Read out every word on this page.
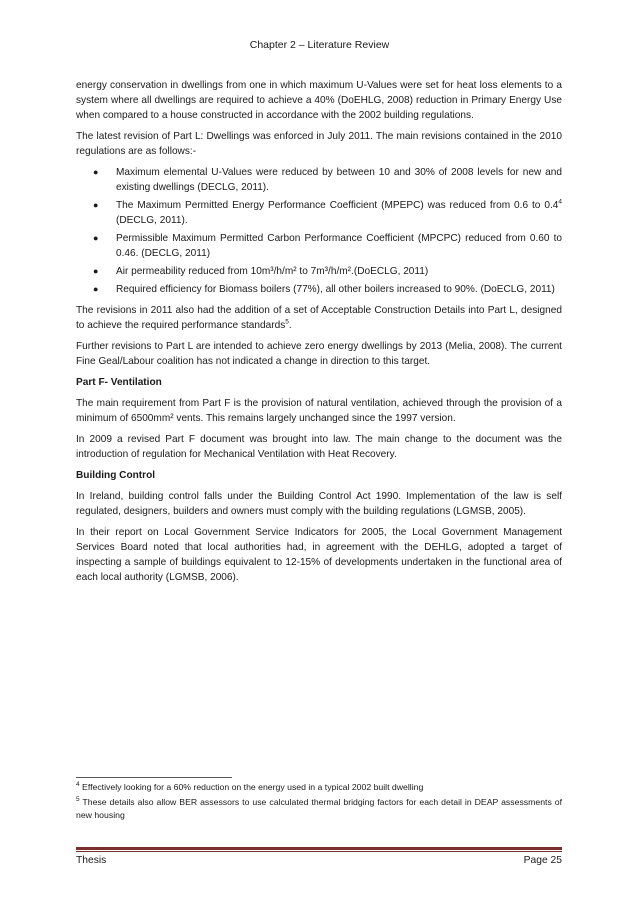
Chapter 2 – Literature Review

energy conservation in dwellings from one in which maximum U-Values were set for heat loss elements to a system where all dwellings are required to achieve a 40% (DoEHLG, 2008) reduction in Primary Energy Use when compared to a house constructed in accordance with the 2002 building regulations.

The latest revision of Part L: Dwellings was enforced in July 2011. The main revisions contained in the 2010 regulations are as follows:-

● Maximum elemental U-Values were reduced by between 10 and 30% of 2008 levels for new and existing dwellings (DECLG, 2011).
● The Maximum Permitted Energy Performance Coefficient (MPEPC) was reduced from 0.6 to $0.4^4$ (DECLG, 2011).
● Permissible Maximum Permitted Carbon Performance Coefficient (MPCPC) reduced from 0.60 to 0.46. (DECLG, 2011)
● Air permeability reduced from 10m³/h/m² to 7m³/h/m².(DoECLG, 2011)
● Required efficiency for Biomass boilers (77%), all other boilers increased to 90%. (DoECLG, 2011)

The revisions in 2011 also had the addition of a set of Acceptable Construction Details into Part L, designed to achieve the required performance standards$^5$.

Further revisions to Part L are intended to achieve zero energy dwellings by 2013 (Melia, 2008). The current Fine Geal/Labour coalition has not indicated a change in direction to this target.

Part F- Ventilation

The main requirement from Part F is the provision of natural ventilation, achieved through the provision of a minimum of 6500mm² vents. This remains largely unchanged since the 1997 version.

In 2009 a revised Part F document was brought into law. The main change to the document was the introduction of regulation for Mechanical Ventilation with Heat Recovery.

Building Control

In Ireland, building control falls under the Building Control Act 1990. Implementation of the law is self regulated, designers, builders and owners must comply with the building regulations (LGMSB, 2005).

In their report on Local Government Service Indicators for 2005, the Local Government Management Services Board noted that local authorities had, in agreement with the DEHLG, adopted a target of inspecting a sample of buildings equivalent to 12-15% of developments undertaken in the functional area of each local authority (LGMSB, 2006).

$^4$ Effectively looking for a 60% reduction on the energy used in a typical 2002 built dwelling

$^5$ These details also allow BER assessors to use calculated thermal bridging factors for each detail in DEAP assessments of new housing

Thesis	Page 25
